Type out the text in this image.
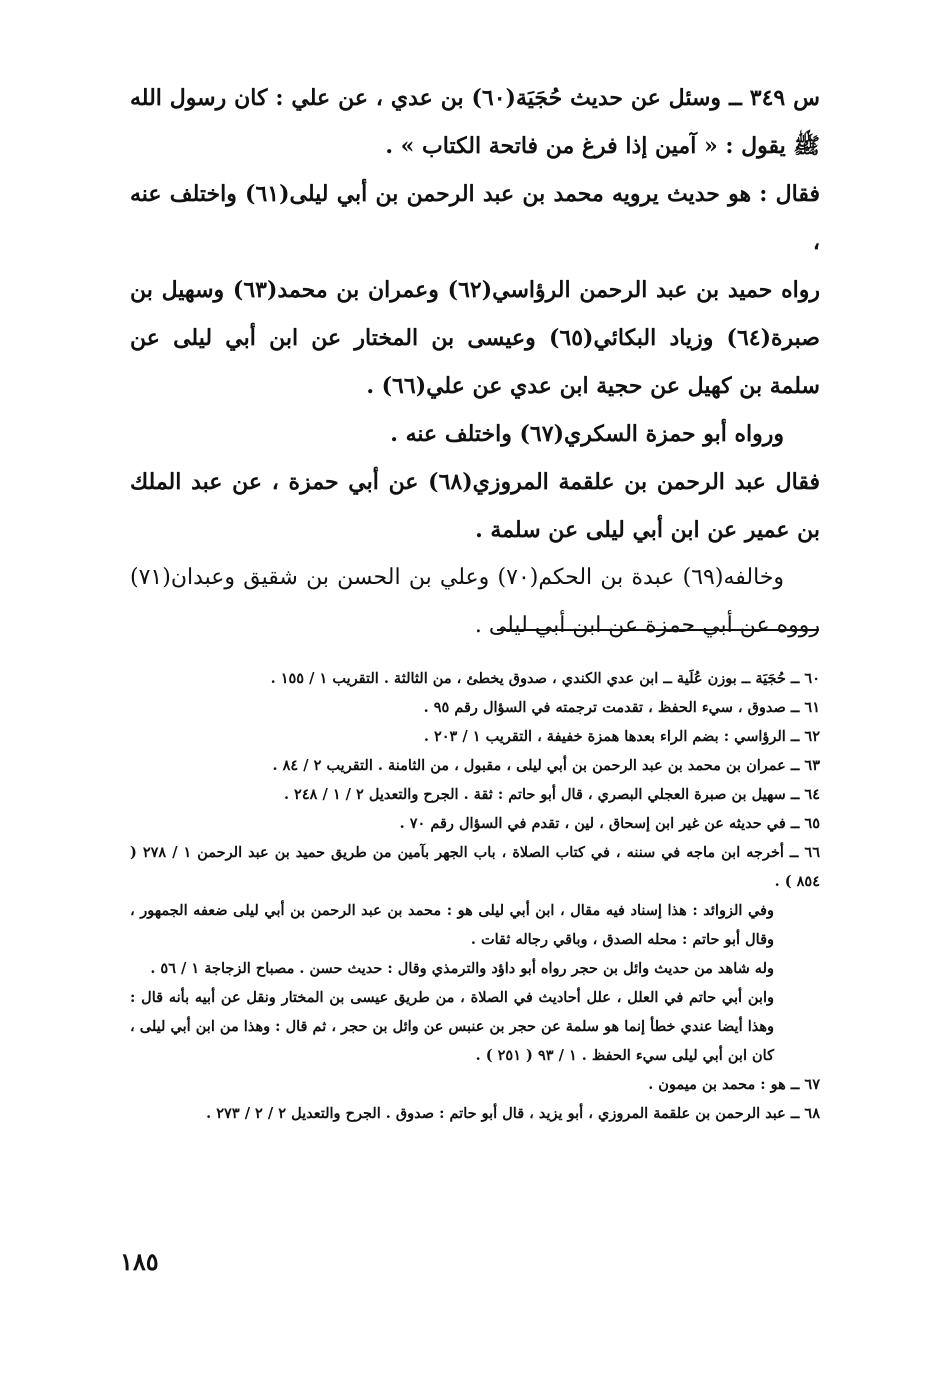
س ٣٤٩ ــ وسئل عن حديث حُجَيَة(٦٠) بن عدي ، عن علي : كان رسول الله ﷺ يقول : « آمين إذا فرغ من فاتحة الكتاب » .

فقال : هو حديث يرويه محمد بن عبد الرحمن بن أبي ليلى(٦١) واختلف عنه ،

رواه حميد بن عبد الرحمن الرؤاسي(٦٢) وعمران بن محمد(٦٣) وسهيل بن صبرة(٦٤) وزياد البكائي(٦٥) وعيسى بن المختار عن ابن أبي ليلى عن سلمة بن كهيل عن حجية ابن عدي عن علي(٦٦) .

ورواه أبو حمزة السكري(٦٧) واختلف عنه .

فقال عبد الرحمن بن علقمة المروزي(٦٨) عن أبي حمزة ، عن عبد الملك بن عمير عن ابن أبي ليلى عن سلمة .

وخالفه(٦٩) عبدة بن الحكم(٧٠) وعلي بن الحسن بن شقيق وعبدان(٧١) رووه عن أبي حمزة عن ابن أبي ليلى .

٦٠ ــ حُجَيَة ــ بوزن عُلَية ــ ابن عدي الكندي ، صدوق يخطئ ، من الثالثة . التقريب ١ / ١٥٥ .

٦١ ــ صدوق ، سيء الحفظ ، تقدمت ترجمته في السؤال رقم ٩٥ .

٦٢ ــ الرؤاسي : بضم الراء بعدها همزة خفيفة ، التقريب ١ / ٢٠٣ .

٦٣ ــ عمران بن محمد بن عبد الرحمن بن أبي ليلى ، مقبول ، من الثامنة . التقريب ٢ / ٨٤ .

٦٤ ــ سهيل بن صبرة العجلي البصري ، قال أبو حاتم : ثقة . الجرح والتعديل ٢ / ١ / ٢٤٨ .

٦٥ ــ في حديثه عن غير ابن إسحاق ، لين ، تقدم في السؤال رقم ٧٠ .

٦٦ ــ أخرجه ابن ماجه في سننه ، في كتاب الصلاة ، باب الجهر بآمين من طريق حميد بن عبد الرحمن ١ / ٢٧٨ ( ٨٥٤ ) .

وفي الزوائد : هذا إسناد فيه مقال ، ابن أبي ليلى هو : محمد بن عبد الرحمن بن أبي ليلى ضعفه الجمهور ، وقال أبو حاتم : محله الصدق ، وباقي رجاله ثقات .

وله شاهد من حديث وائل بن حجر رواه أبو داؤد والترمذي وقال : حديث حسن . مصباح الزجاجة ١ / ٥٦ .

وابن أبي حاتم في العلل ، علل أحاديث في الصلاة ، من طريق عيسى بن المختار ونقل عن أبيه بأنه قال : وهذا أيضا عندي خطأ إنما هو سلمة عن حجر بن عنبس عن وائل بن حجر ، ثم قال : وهذا من ابن أبي ليلى ، كان ابن أبي ليلى سيء الحفظ . ١ / ٩٣ ( ٢٥١ ) .

٦٧ ــ هو : محمد بن ميمون .

٦٨ ــ عبد الرحمن بن علقمة المروزي ، أبو يزيد ، قال أبو حاتم : صدوق . الجرح والتعديل ٢ / ٢ / ٢٧٣ .

١٨٥
